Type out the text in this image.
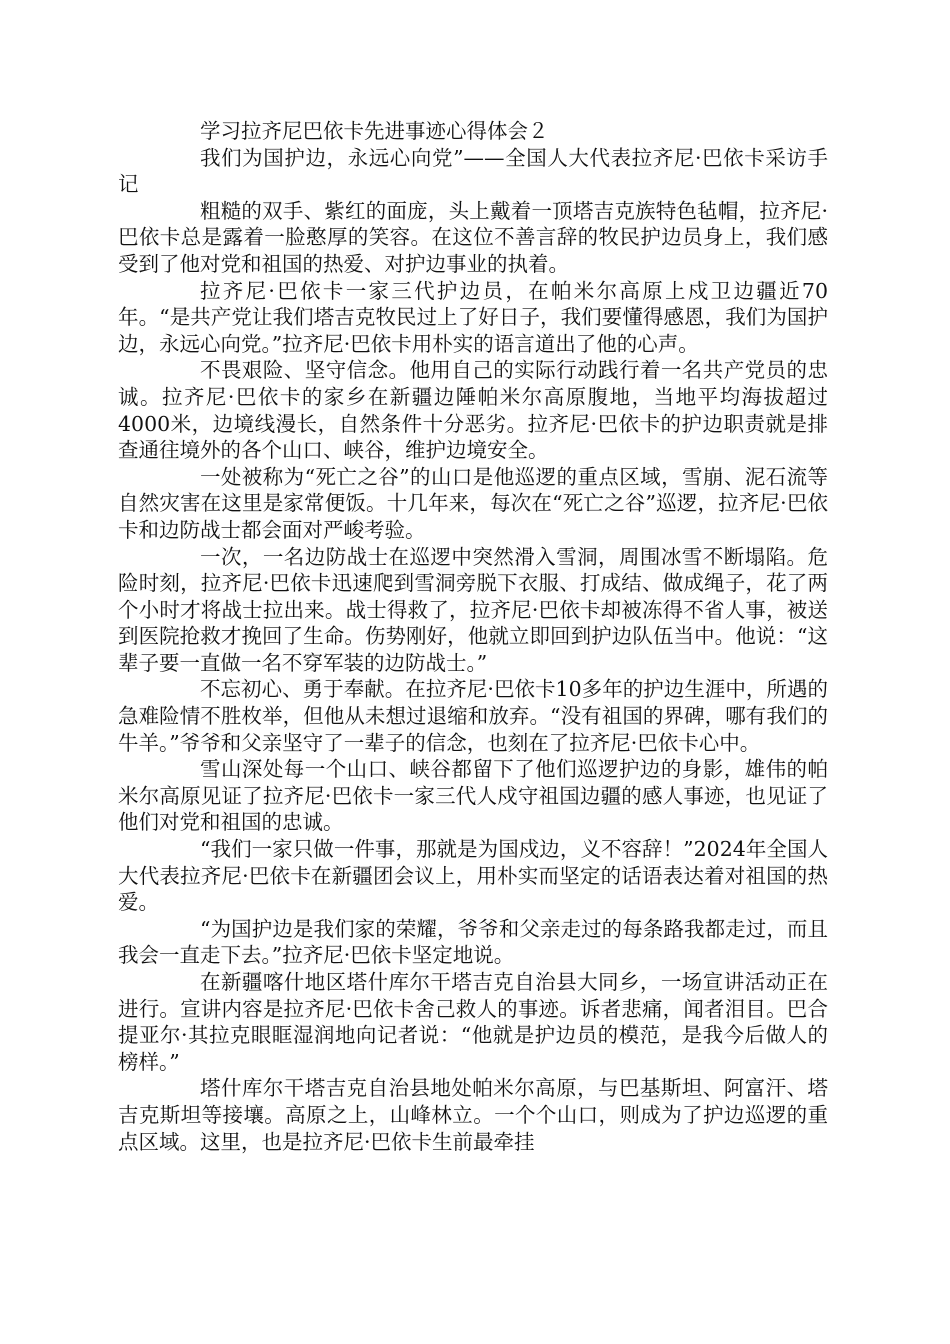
学习拉齐尼巴依卡先进事迹心得体会２

我们为国护边，永远心向党”——全国人大代表拉齐尼·巴依卡采访手记

粗糙的双手、紫红的面庞，头上戴着一顶塔吉克族特色毡帽，拉齐尼·巴依卡总是露着一脸憨厚的笑容。在这位不善言辞的牧民护边员身上，我们感受到了他对党和祖国的热爱、对护边事业的执着。

拉齐尼·巴依卡一家三代护边员，在帕米尔高原上戍卫边疆近70年。“是共产党让我们塔吉克牧民过上了好日子，我们要懂得感恩，我们为国护边，永远心向党。”拉齐尼·巴依卡用朴实的语言道出了他的心声。

不畏艰险、坚守信念。他用自己的实际行动践行着一名共产党员的忠诚。拉齐尼·巴依卡的家乡在新疆边陲帕米尔高原腹地，当地平均海拔超过4000米，边境线漫长，自然条件十分恶劣。拉齐尼·巴依卡的护边职责就是排查通往境外的各个山口、峡谷，维护边境安全。

一处被称为“死亡之谷”的山口是他巡逻的重点区域，雪崩、泥石流等自然灾害在这里是家常便饭。十几年来，每次在“死亡之谷”巡逻，拉齐尼·巴依卡和边防战士都会面对严峻考验。

一次，一名边防战士在巡逻中突然滑入雪洞，周围冰雪不断塌陷。危险时刻，拉齐尼·巴依卡迅速爬到雪洞旁脱下衣服、打成结、做成绳子，花了两个小时才将战士拉出来。战士得救了，拉齐尼·巴依卡却被冻得不省人事，被送到医院抢救才挽回了生命。伤势刚好，他就立即回到护边队伍当中。他说：“这辈子要一直做一名不穿军装的边防战士。”

不忘初心、勇于奉献。在拉齐尼·巴依卡10多年的护边生涯中，所遇的急难险情不胜枚举，但他从未想过退缩和放弃。“没有祖国的界碑，哪有我们的牛羊。”爷爷和父亲坚守了一辈子的信念，也刻在了拉齐尼·巴依卡心中。

雪山深处每一个山口、峡谷都留下了他们巡逻护边的身影，雄伟的帕米尔高原见证了拉齐尼·巴依卡一家三代人戍守祖国边疆的感人事迹，也见证了他们对党和祖国的忠诚。

“我们一家只做一件事，那就是为国戍边，义不容辞！”2024年全国人大代表拉齐尼·巴依卡在新疆团会议上，用朴实而坚定的话语表达着对祖国的热爱。

“为国护边是我们家的荣耀，爷爷和父亲走过的每条路我都走过，而且我会一直走下去。”拉齐尼·巴依卡坚定地说。

在新疆喀什地区塔什库尔干塔吉克自治县大同乡，一场宣讲活动正在进行。宣讲内容是拉齐尼·巴依卡舍己救人的事迹。诉者悲痛，闻者泪目。巴合提亚尔·其拉克眼眶湿润地向记者说：“他就是护边员的模范，是我今后做人的榜样。”

塔什库尔干塔吉克自治县地处帕米尔高原，与巴基斯坦、阿富汗、塔吉克斯坦等接壤。高原之上，山峰林立。一个个山口，则成为了护边巡逻的重点区域。这里，也是拉齐尼·巴依卡生前最牵挂
